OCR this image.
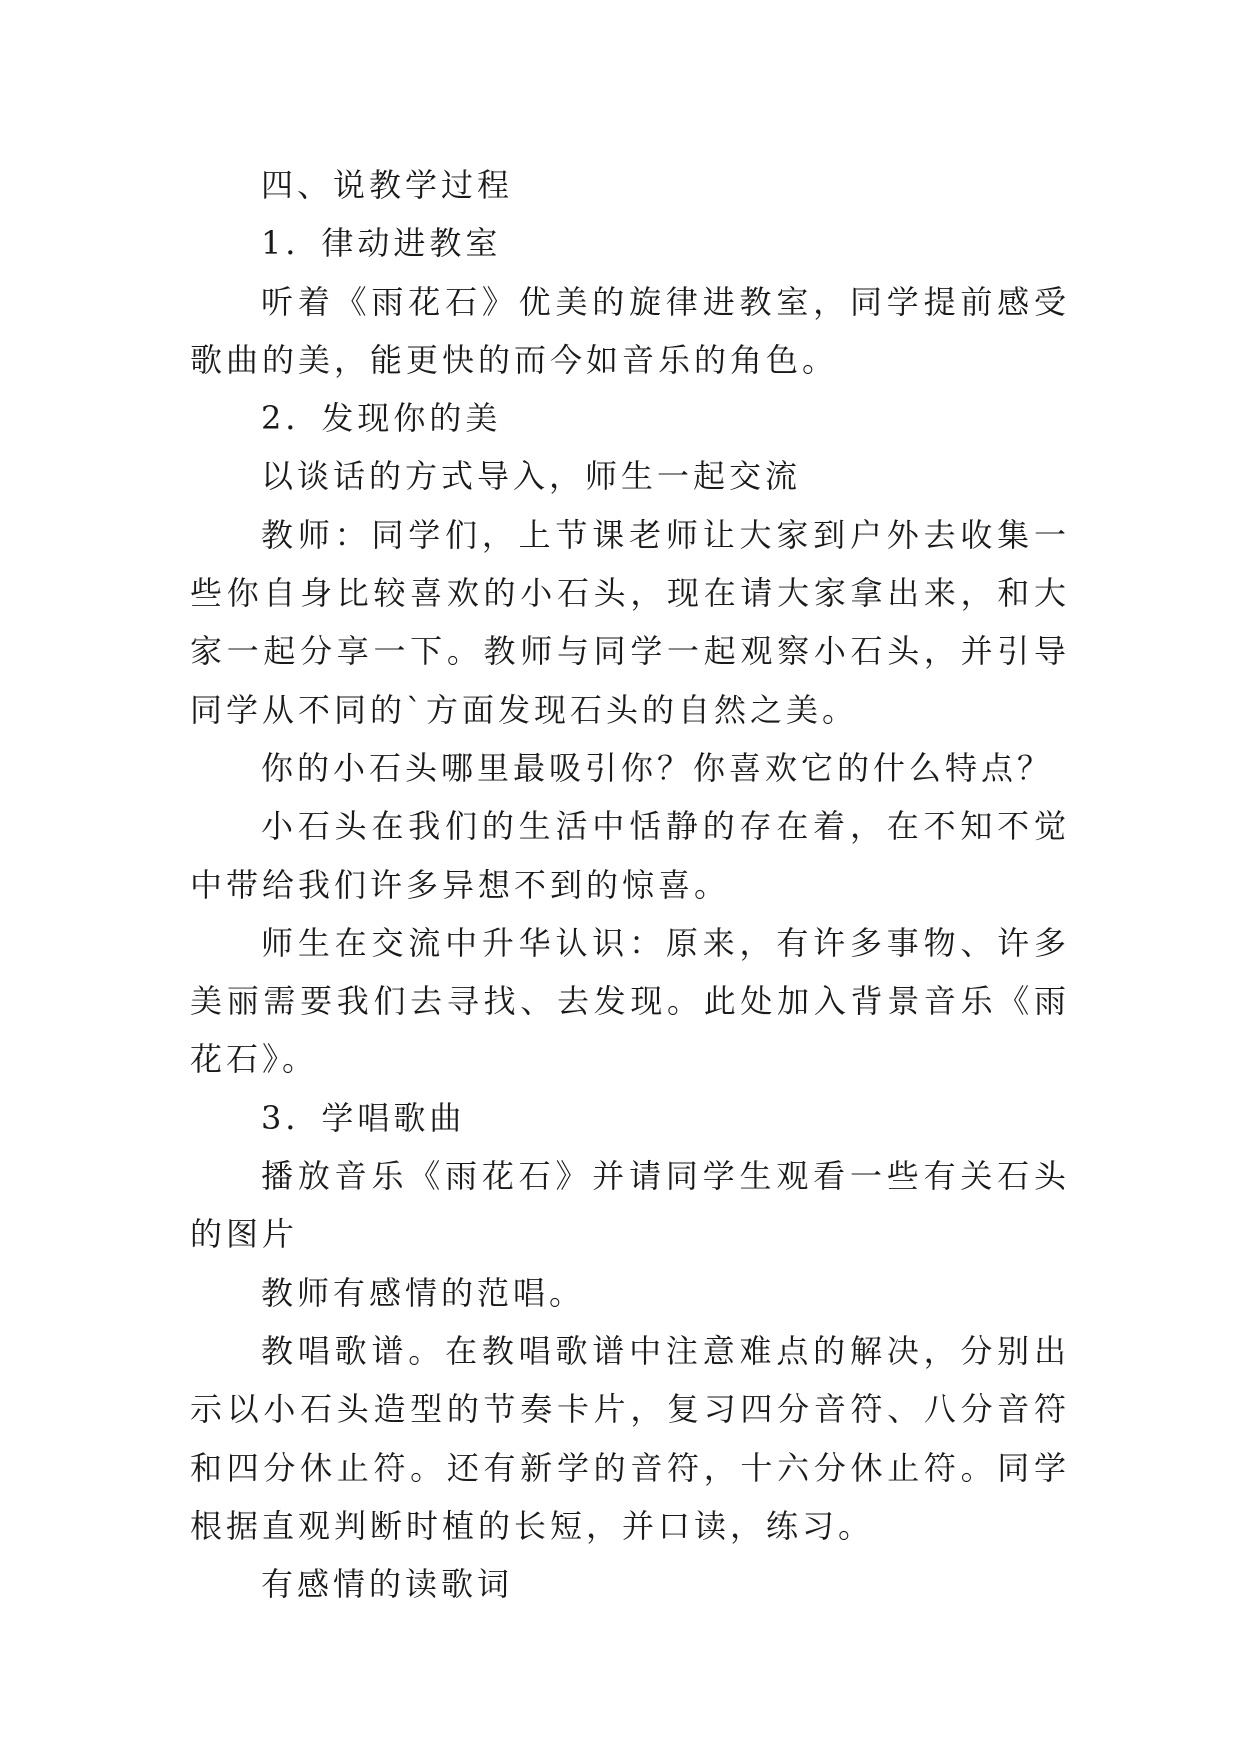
四、说教学过程

1．律动进教室

听着《雨花石》优美的旋律进教室，同学提前感受歌曲的美，能更快的而今如音乐的角色。

2．发现你的美

以谈话的方式导入，师生一起交流

教师：同学们，上节课老师让大家到户外去收集一些你自身比较喜欢的小石头，现在请大家拿出来，和大家一起分享一下。教师与同学一起观察小石头，并引导同学从不同的`方面发现石头的自然之美。

你的小石头哪里最吸引你？你喜欢它的什么特点？

小石头在我们的生活中恬静的存在着，在不知不觉中带给我们许多异想不到的惊喜。

师生在交流中升华认识：原来，有许多事物、许多美丽需要我们去寻找、去发现。此处加入背景音乐《雨花石》。

3．学唱歌曲

播放音乐《雨花石》并请同学生观看一些有关石头的图片

教师有感情的范唱。

教唱歌谱。在教唱歌谱中注意难点的解决，分别出示以小石头造型的节奏卡片，复习四分音符、八分音符和四分休止符。还有新学的音符，十六分休止符。同学根据直观判断时植的长短，并口读，练习。

有感情的读歌词
